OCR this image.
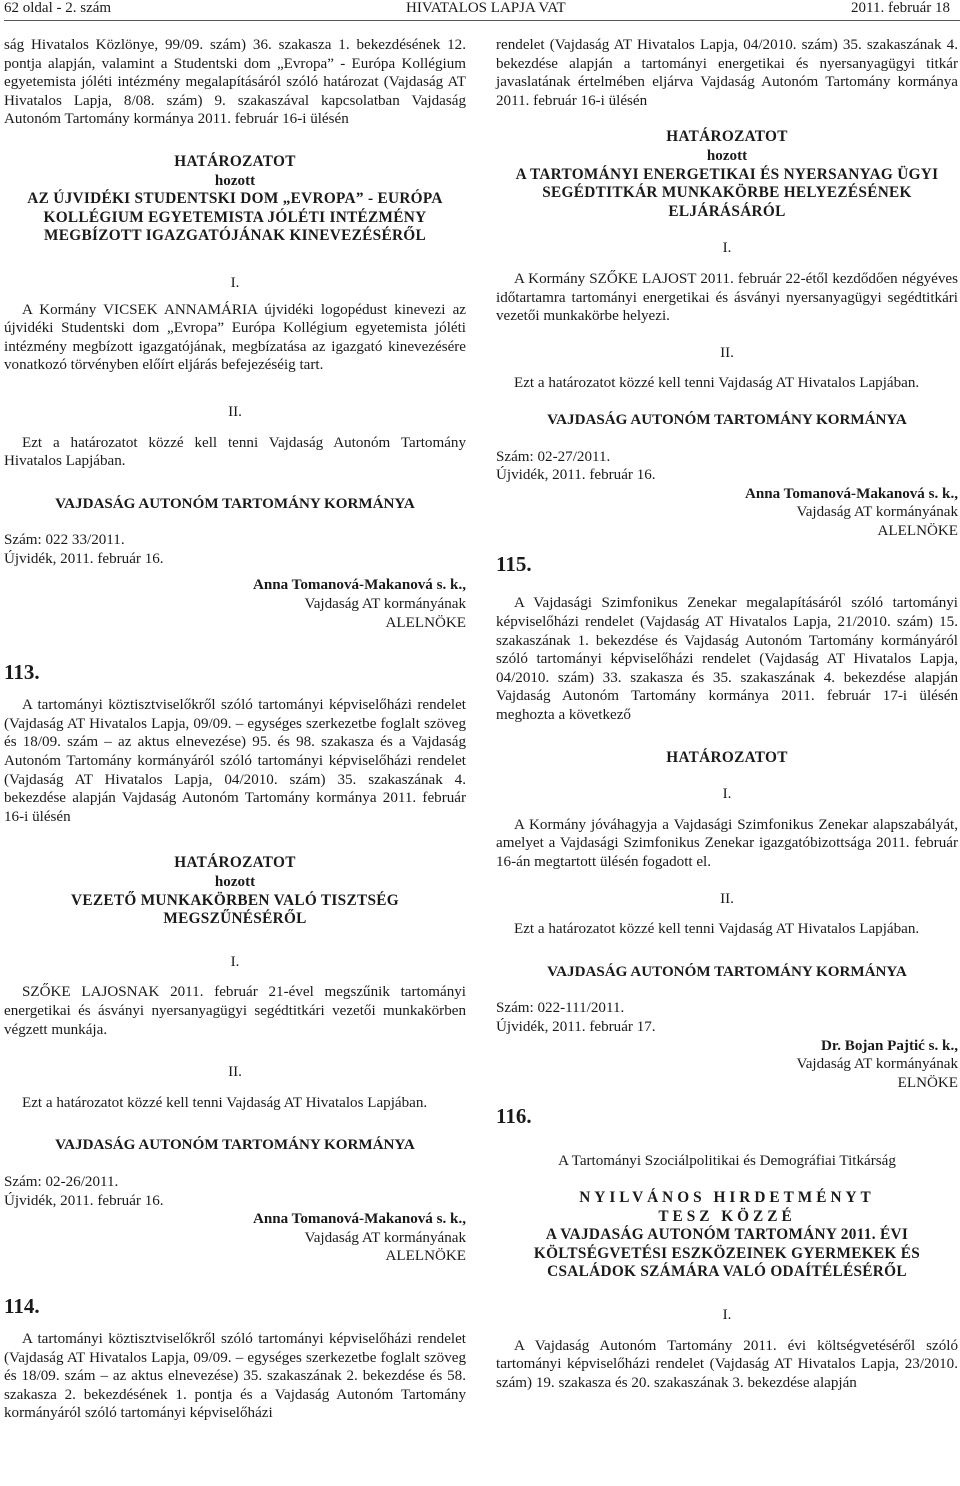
62 oldal - 2. szám	HIVATALOS LAPJA VAT	2011. február 18

ság Hivatalos Közlönye, 99/09. szám) 36. szakasza 1. bekezdésének 12. pontja alapján, valamint a Studentski dom „Evropa” - Európa Kollégium egyetemista jóléti intézmény megalapításáról szóló határozat (Vajdaság AT Hivatalos Lapja, 8/08. szám) 9. szakaszával kapcsolatban Vajdaság Autonóm Tartomány kormánya 2011. február 16-i ülésén

HATÁROZATOT

hozott

AZ ÚJVIDÉKI STUDENTSKI DOM „EVROPA” - EURÓPA KOLLÉGIUM EGYETEMISTA JÓLÉTI INTÉZMÉNY MEGBÍZOTT IGAZGATÓJÁNAK KINEVEZÉSÉRŐL

I.

A Kormány VICSEK ANNAMÁRIA újvidéki logopédust kinevezi az újvidéki Studentski dom „Evropa” Európa Kollégium egyetemista jóléti intézmény megbízott igazgatójának, megbízatása az igazgató kinevezésére vonatkozó törvényben előírt eljárás befejezéséig tart.

II.

Ezt a határozatot közzé kell tenni Vajdaság Autonóm Tartomány Hivatalos Lapjában.

VAJDASÁG AUTONÓM TARTOMÁNY KORMÁNYA

Szám: 022 33/2011.

Újvidék, 2011. február 16.

Anna Tomanová-Makanová s. k.,

Vajdaság AT kormányának

ALELNÖKE

113.

A tartományi köztisztviselőkről szóló tartományi képviselőházi rendelet (Vajdaság AT Hivatalos Lapja, 09/09. – egységes szerkezetbe foglalt szöveg és 18/09. szám – az aktus elnevezése) 95. és 98. szakasza és a Vajdaság Autonóm Tartomány kormányáról szóló tartományi képviselőházi rendelet (Vajdaság AT Hivatalos Lapja, 04/2010. szám) 35. szakaszának 4. bekezdése alapján Vajdaság Autonóm Tartomány kormánya 2011. február 16-i ülésén

HATÁROZATOT

hozott

VEZETŐ MUNKAKÖRBEN VALÓ TISZTSÉG MEGSZŰNÉSÉRŐL

I.

SZŐKE LAJOSNAK 2011. február 21-ével megszűnik tartományi energetikai és ásványi nyersanyagügyi segédtitkári vezetői munkakörben végzett munkája.

II.

Ezt a határozatot közzé kell tenni Vajdaság AT Hivatalos Lapjában.

VAJDASÁG AUTONÓM TARTOMÁNY KORMÁNYA

Szám: 02-26/2011.

Újvidék, 2011. február 16.

Anna Tomanová-Makanová s. k.,

Vajdaság AT kormányának

ALELNÖKE

114.

A tartományi köztisztviselőkről szóló tartományi képviselőházi rendelet (Vajdaság AT Hivatalos Lapja, 09/09. – egységes szerkezetbe foglalt szöveg és 18/09. szám – az aktus elnevezése) 35. szakaszának 2. bekezdése és 58. szakasza 2. bekezdésének 1. pontja és a Vajdaság Autonóm Tartomány kormányáról szóló tartományi képviselőházi

rendelet (Vajdaság AT Hivatalos Lapja, 04/2010. szám) 35. szakaszának 4. bekezdése alapján a tartományi energetikai és nyersanyagügyi titkár javaslatának értelmében eljárva Vajdaság Autonóm Tartomány kormánya 2011. február 16-i ülésén

HATÁROZATOT

hozott

A TARTOMÁNYI ENERGETIKAI ÉS NYERSANYAG ÜGYI SEGÉDTITKÁR MUNKAKÖRBE HELYEZÉSÉNEK ELJÁRÁSÁRÓL

I.

A Kormány SZŐKE LAJOST 2011. február 22-étől kezdődően négyéves időtartamra tartományi energetikai és ásványi nyersanyagügyi segédtitkári vezetői munkakörbe helyezi.

II.

Ezt a határozatot közzé kell tenni Vajdaság AT Hivatalos Lapjában.

VAJDASÁG AUTONÓM TARTOMÁNY KORMÁNYA

Szám: 02-27/2011.

Újvidék, 2011. február 16.

Anna Tomanová-Makanová s. k.,

Vajdaság AT kormányának

ALELNÖKE

115.

A Vajdasági Szimfonikus Zenekar megalapításáról szóló tartományi képviselőházi rendelet (Vajdaság AT Hivatalos Lapja, 21/2010. szám) 15. szakaszának 1. bekezdése és Vajdaság Autonóm Tartomány kormányáról szóló tartományi képviselőházi rendelet (Vajdaság AT Hivatalos Lapja, 04/2010. szám) 33. szakasza és 35. szakaszának 4. bekezdése alapján Vajdaság Autonóm Tartomány kormánya 2011. február 17-i ülésén meghozta a következő

HATÁROZATOT

I.

A Kormány jóváhagyja a Vajdasági Szimfonikus Zenekar alapszabályát, amelyet a Vajdasági Szimfonikus Zenekar igazgatóbizottsága 2011. február 16-án megtartott ülésén fogadott el.

II.

Ezt a határozatot közzé kell tenni Vajdaság AT Hivatalos Lapjában.

VAJDASÁG AUTONÓM TARTOMÁNY KORMÁNYA

Szám: 022-111/2011.

Újvidék, 2011. február 17.

Dr. Bojan Pajtić s. k.,

Vajdaság AT kormányának

ELNÖKE

116.

A Tartományi Szociálpolitikai és Demográfiai Titkárság

NYILVÁNOS HIRDETMÉNYT

TESZ KÖZZÉ

A VAJDASÁG AUTONÓM TARTOMÁNY 2011. ÉVI KÖLTSÉGVETÉSI ESZKÖZEINEK GYERMEKEK ÉS CSALÁDOK SZÁMÁRA VALÓ ODAÍTÉLÉSÉRŐL

I.

A Vajdaság Autonóm Tartomány 2011. évi költségvetéséről szóló tartományi képviselőházi rendelet (Vajdaság AT Hivatalos Lapja, 23/2010. szám) 19. szakasza és 20. szakaszának 3. bekezdése alapján
